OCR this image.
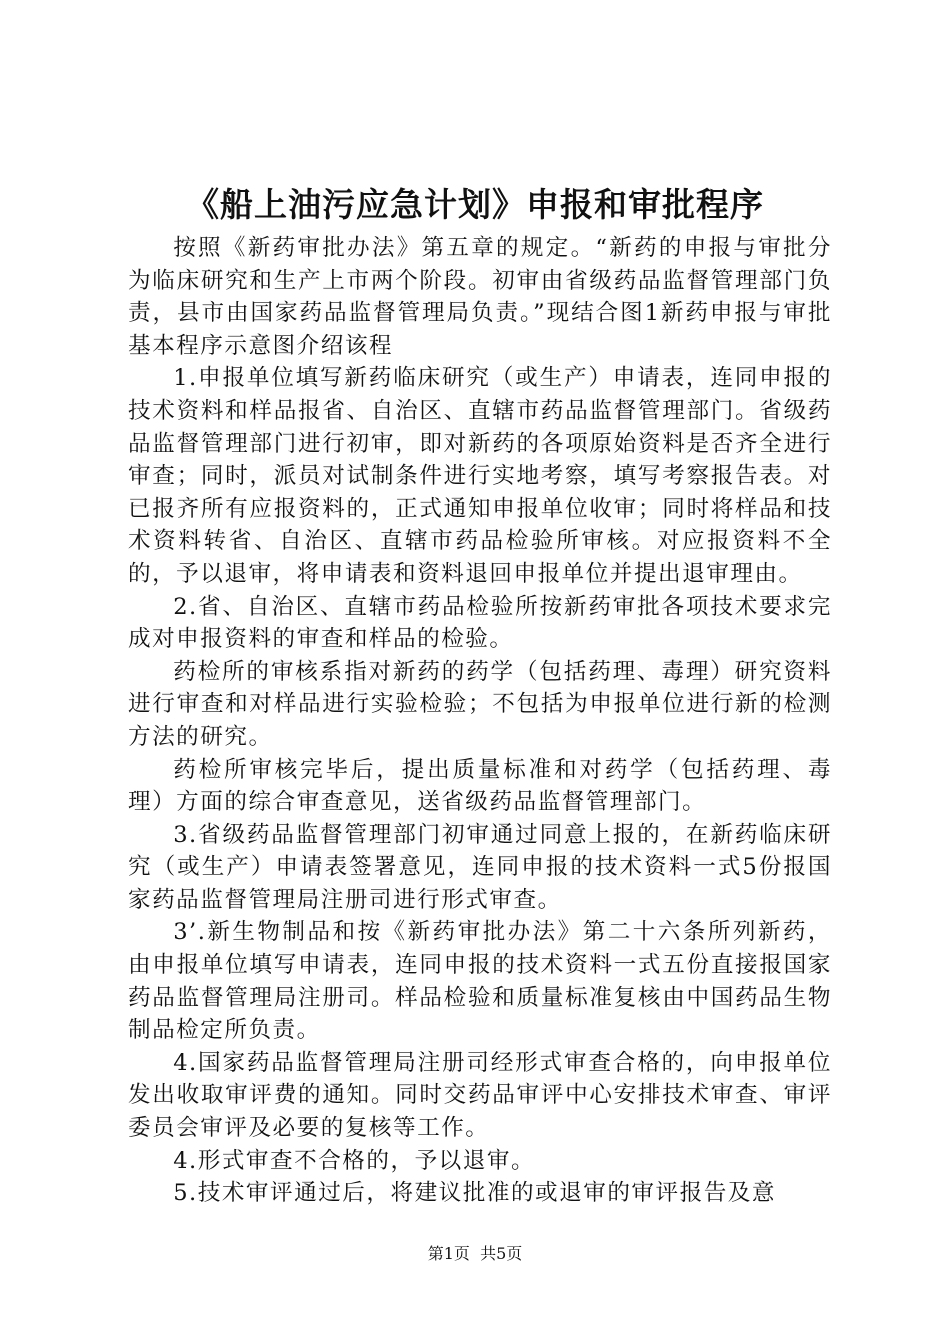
《船上油污应急计划》申报和审批程序

按照《新药审批办法》第五章的规定。“新药的申报与审批分为临床研究和生产上市两个阶段。初审由省级药品监督管理部门负责，县市由国家药品监督管理局负责。”现结合图1新药申报与审批基本程序示意图介绍该程

1.申报单位填写新药临床研究（或生产）申请表，连同申报的技术资料和样品报省、自治区、直辖市药品监督管理部门。省级药品监督管理部门进行初审，即对新药的各项原始资料是否齐全进行审查；同时，派员对试制条件进行实地考察，填写考察报告表。对已报齐所有应报资料的，正式通知申报单位收审；同时将样品和技术资料转省、自治区、直辖市药品检验所审核。对应报资料不全的，予以退审，将申请表和资料退回申报单位并提出退审理由。

2.省、自治区、直辖市药品检验所按新药审批各项技术要求完成对申报资料的审查和样品的检验。

药检所的审核系指对新药的药学（包括药理、毒理）研究资料进行审查和对样品进行实验检验；不包括为申报单位进行新的检测方法的研究。

药检所审核完毕后，提出质量标准和对药学（包括药理、毒理）方面的综合审查意见，送省级药品监督管理部门。

3.省级药品监督管理部门初审通过同意上报的，在新药临床研究（或生产）申请表签署意见，连同申报的技术资料一式5份报国家药品监督管理局注册司进行形式审查。

3’.新生物制品和按《新药审批办法》第二十六条所列新药，由申报单位填写申请表，连同申报的技术资料一式五份直接报国家药品监督管理局注册司。样品检验和质量标准复核由中国药品生物制品检定所负责。

4.国家药品监督管理局注册司经形式审查合格的，向申报单位发出收取审评费的通知。同时交药品审评中心安排技术审查、审评委员会审评及必要的复核等工作。

4.形式审查不合格的，予以退审。

5.技术审评通过后，将建议批准的或退审的审评报告及意

第1页 共5页
